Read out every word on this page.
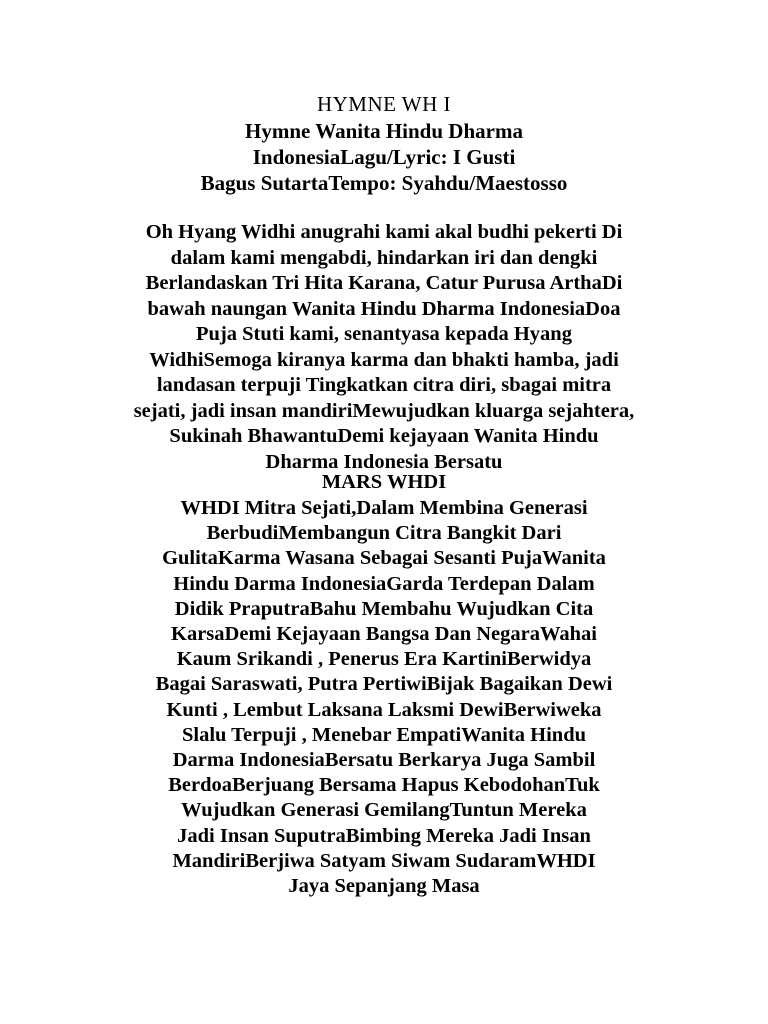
HYMNE WH I
Hymne Wanita Hindu Dharma
IndonesiaLagu/Lyric: I Gusti
Bagus SutartaTempo: Syahdu/Maestosso
Oh Hyang Widhi anugrahi kami akal budhi pekerti Di
dalam kami mengabdi, hindarkan iri dan dengki
Berlandaskan Tri Hita Karana, Catur Purusa ArthaDi
bawah naungan Wanita Hindu Dharma IndonesiaDoa
Puja Stuti kami, senantyasa kepada Hyang
WidhiSemoga kiranya karma dan bhakti hamba, jadi
landasan terpuji Tingkatkan citra diri, sbagai mitra
sejati, jadi insan mandiriMewujudkan kluarga sejahtera,
Sukinah BhawantuDemi kejayaan Wanita Hindu
Dharma Indonesia Bersatu
MARS WHDI
WHDI Mitra Sejati,Dalam Membina Generasi
BerbudiMembangun Citra Bangkit Dari
GulitaKarma Wasana Sebagai Sesanti PujaWanita
Hindu Darma IndonesiaGarda Terdepan Dalam
Didik PraputraBahu Membahu Wujudkan Cita
KarsaDemi Kejayaan Bangsa Dan NegaraWahai
Kaum Srikandi , Penerus Era KartiniBerwidya
Bagai Saraswati, Putra PertiwiBijak Bagaikan Dewi
Kunti , Lembut Laksana Laksmi DewiBerwiweka
Slalu Terpuji , Menebar EmpatiWanita Hindu
Darma IndonesiaBersatu Berkarya Juga Sambil
BerdoaBerjuang Bersama Hapus KebodohanTuk
Wujudkan Generasi GemilangTuntun Mereka
Jadi Insan SuputraBimbing Mereka Jadi Insan
MandiriBerjiwa Satyam Siwam SudaramWHDI
Jaya Sepanjang Masa
